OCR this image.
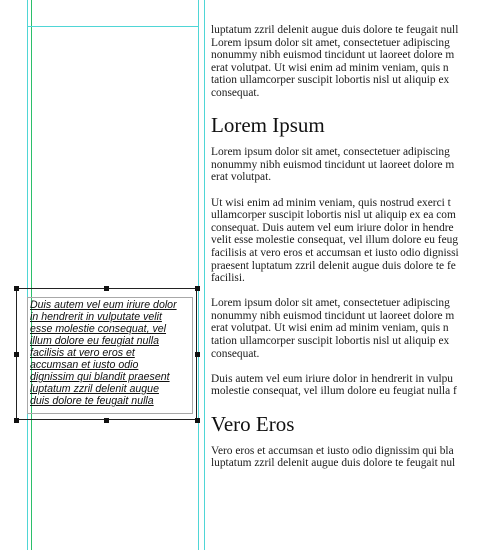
luptatum zzril delenit augue duis dolore te feugait null
Lorem ipsum dolor sit amet, consectetuer adipiscing
nonummy nibh euismod tincidunt ut laoreet dolore m
erat volutpat. Ut wisi enim ad minim veniam, quis n
tation ullamcorper suscipit lobortis nisl ut aliquip ex
consequat.

Lorem Ipsum

Lorem ipsum dolor sit amet, consectetuer adipiscing
nonummy nibh euismod tincidunt ut laoreet dolore m
erat volutpat.

Ut wisi enim ad minim veniam, quis nostrud exerci t
ullamcorper suscipit lobortis nisl ut aliquip ex ea com
consequat. Duis autem vel eum iriure dolor in hendre
velit esse molestie consequat, vel illum dolore eu feug
facilisis at vero eros et accumsan et iusto odio dignissi
praesent luptatum zzril delenit augue duis dolore te fe
facilisi.

Lorem ipsum dolor sit amet, consectetuer adipiscing
nonummy nibh euismod tincidunt ut laoreet dolore m
erat volutpat. Ut wisi enim ad minim veniam, quis n
tation ullamcorper suscipit lobortis nisl ut aliquip ex
consequat.

Duis autem vel eum iriure dolor in hendrerit in vulpu
molestie consequat, vel illum dolore eu feugiat nulla f

Vero Eros

Vero eros et accumsan et iusto odio dignissim qui bla
luptatum zzril delenit augue duis dolore te feugait nul

Duis autem vel eum iriure dolor
in hendrerit in vulputate velit
esse molestie consequat, vel
illum dolore eu feugiat nulla
facilisis at vero eros et
accumsan et iusto odio
dignissim qui blandit praesent
luptatum zzril delenit augue
duis dolore te feugait nulla
